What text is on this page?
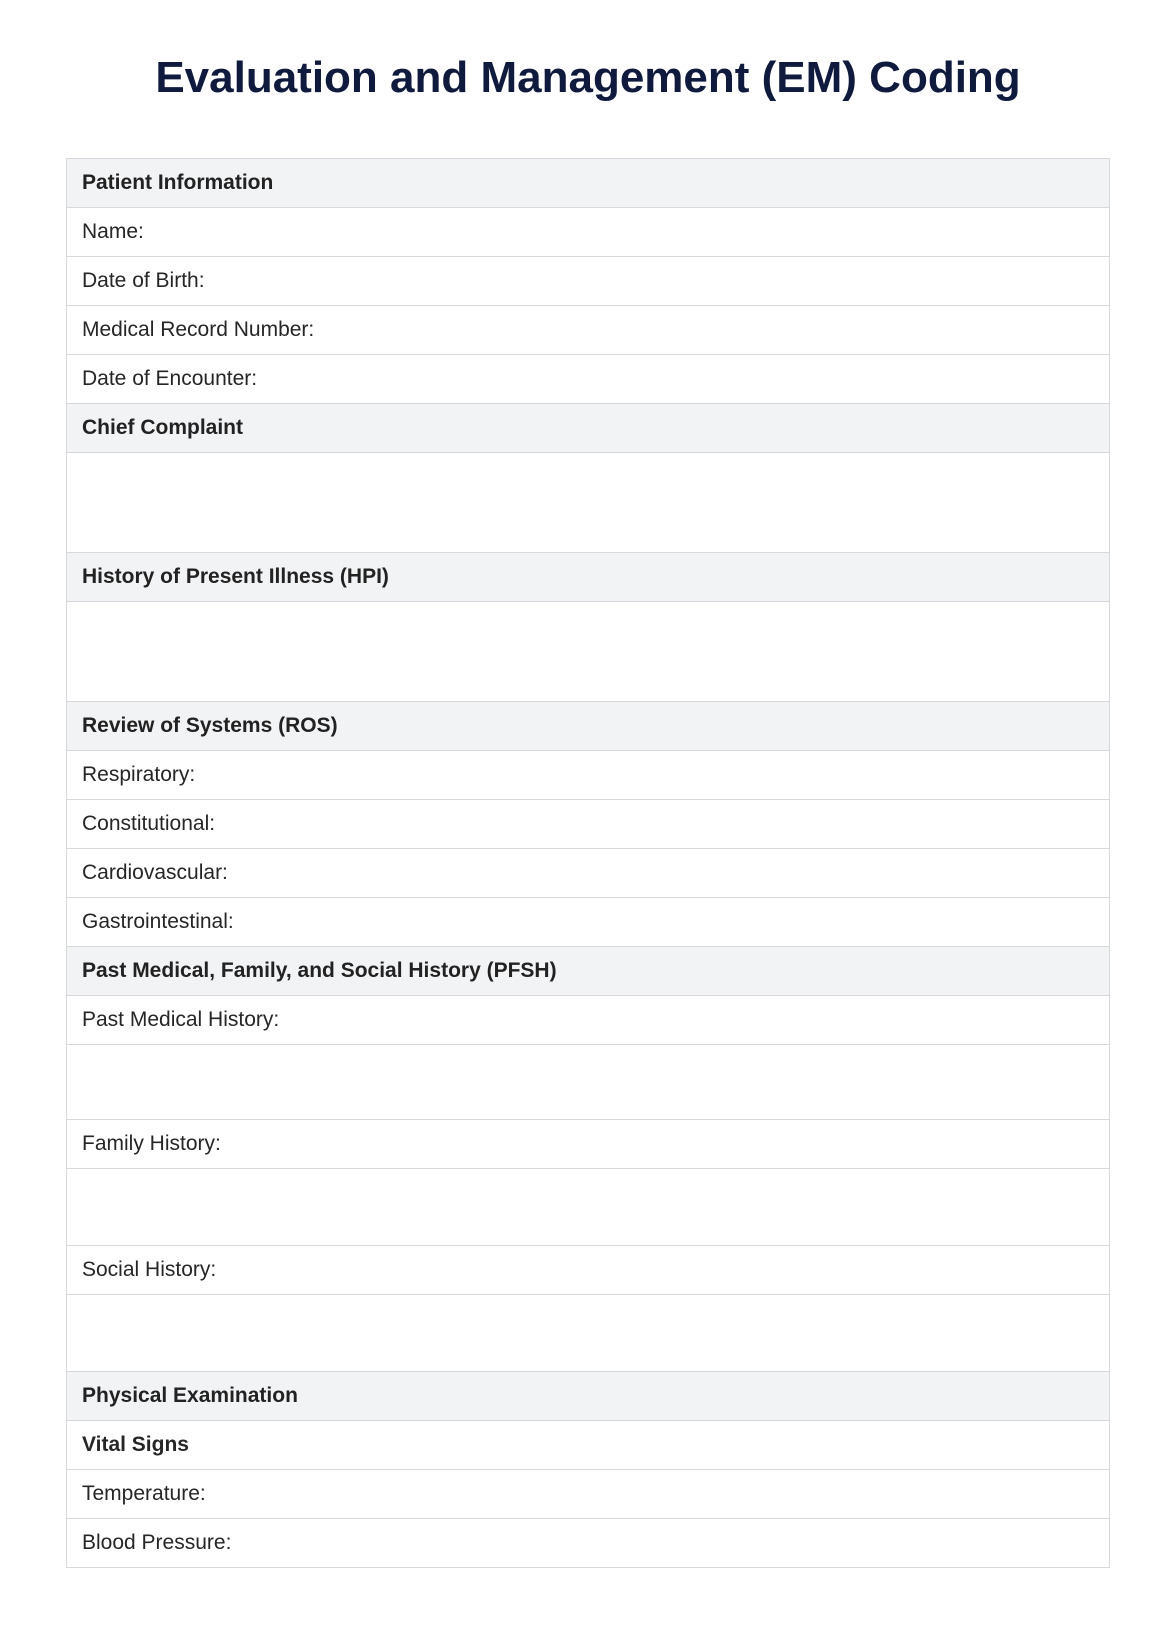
Evaluation and Management (EM) Coding
Patient Information
Name:
Date of Birth:
Medical Record Number:
Date of Encounter:
Chief Complaint
History of Present Illness (HPI)
Review of Systems (ROS)
Respiratory:
Constitutional:
Cardiovascular:
Gastrointestinal:
Past Medical, Family, and Social History (PFSH)
Past Medical History:
Family History:
Social History:
Physical Examination
Vital Signs
Temperature:
Blood Pressure:
